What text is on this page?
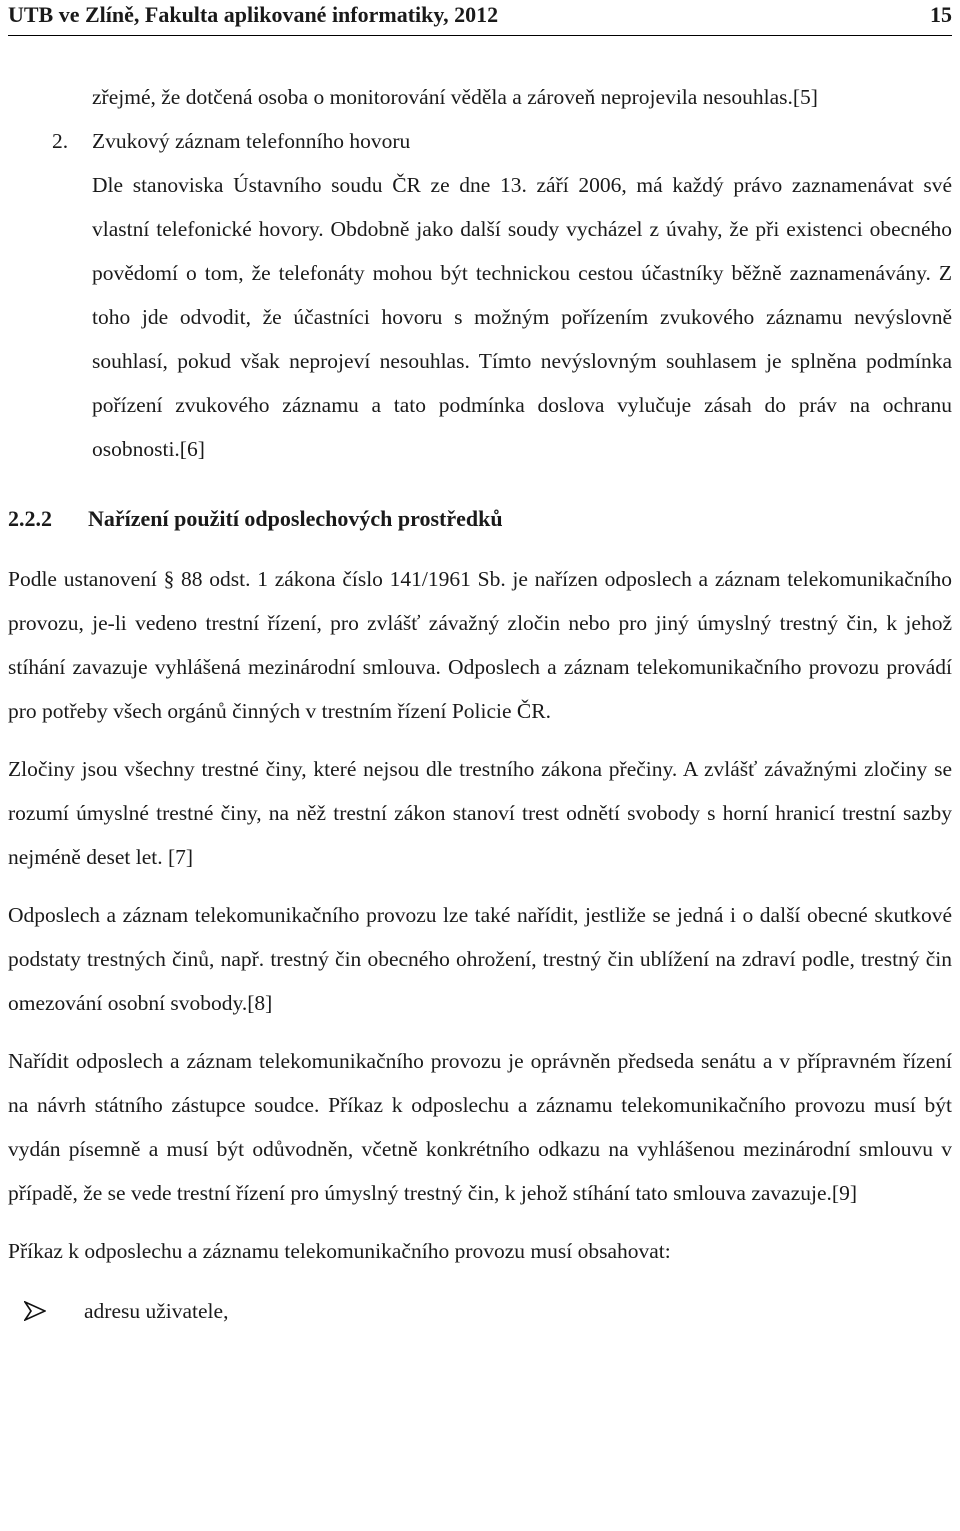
UTB ve Zlíně, Fakulta aplikované informatiky, 2012	15

zřejmé, že dotčená osoba o monitorování věděla a zároveň neprojevila nesouhlas.[5]

2.	Zvukový záznam telefonního hovoru

Dle stanoviska Ústavního soudu ČR ze dne 13. září 2006, má každý právo zaznamenávat své vlastní telefonické hovory. Obdobně jako další soudy vycházel z úvahy, že při existenci obecného povědomí o tom, že telefonáty mohou být technickou cestou účastníky běžně zaznamenávány. Z toho jde odvodit, že účastníci hovoru s možným pořízením zvukového záznamu nevýslovně souhlasí, pokud však neprojeví nesouhlas. Tímto nevýslovným souhlasem je splněna podmínka pořízení zvukového záznamu a tato podmínka doslova vylučuje zásah do práv na ochranu osobnosti.[6]

2.2.2	Nařízení použití odposlechových prostředků

Podle ustanovení § 88 odst. 1 zákona číslo 141/1961 Sb. je nařízen odposlech a záznam telekomunikačního provozu, je-li vedeno trestní řízení, pro zvlášť závažný zločin nebo pro jiný úmyslný trestný čin, k jehož stíhání zavazuje vyhlášená mezinárodní smlouva. Odposlech a záznam telekomunikačního provozu provádí pro potřeby všech orgánů činných v trestním řízení Policie ČR.

Zločiny jsou všechny trestné činy, které nejsou dle trestního zákona přečiny. A zvlášť závažnými zločiny se rozumí úmyslné trestné činy, na něž trestní zákon stanoví trest odnětí svobody s horní hranicí trestní sazby nejméně deset let. [7]

Odposlech a záznam telekomunikačního provozu lze také nařídit, jestliže se jedná i o další obecné skutkové podstaty trestných činů, např. trestný čin obecného ohrožení, trestný čin ublížení na zdraví podle, trestný čin omezování osobní svobody.[8]

Nařídit odposlech a záznam telekomunikačního provozu je oprávněn předseda senátu a v přípravném řízení na návrh státního zástupce soudce. Příkaz k odposlechu a záznamu telekomunikačního provozu musí být vydán písemně a musí být odůvodněn, včetně konkrétního odkazu na vyhlášenou mezinárodní smlouvu v případě, že se vede trestní řízení pro úmyslný trestný čin, k jehož stíhání tato smlouva zavazuje.[9]

Příkaz k odposlechu a záznamu telekomunikačního provozu musí obsahovat:

adresu uživatele,
